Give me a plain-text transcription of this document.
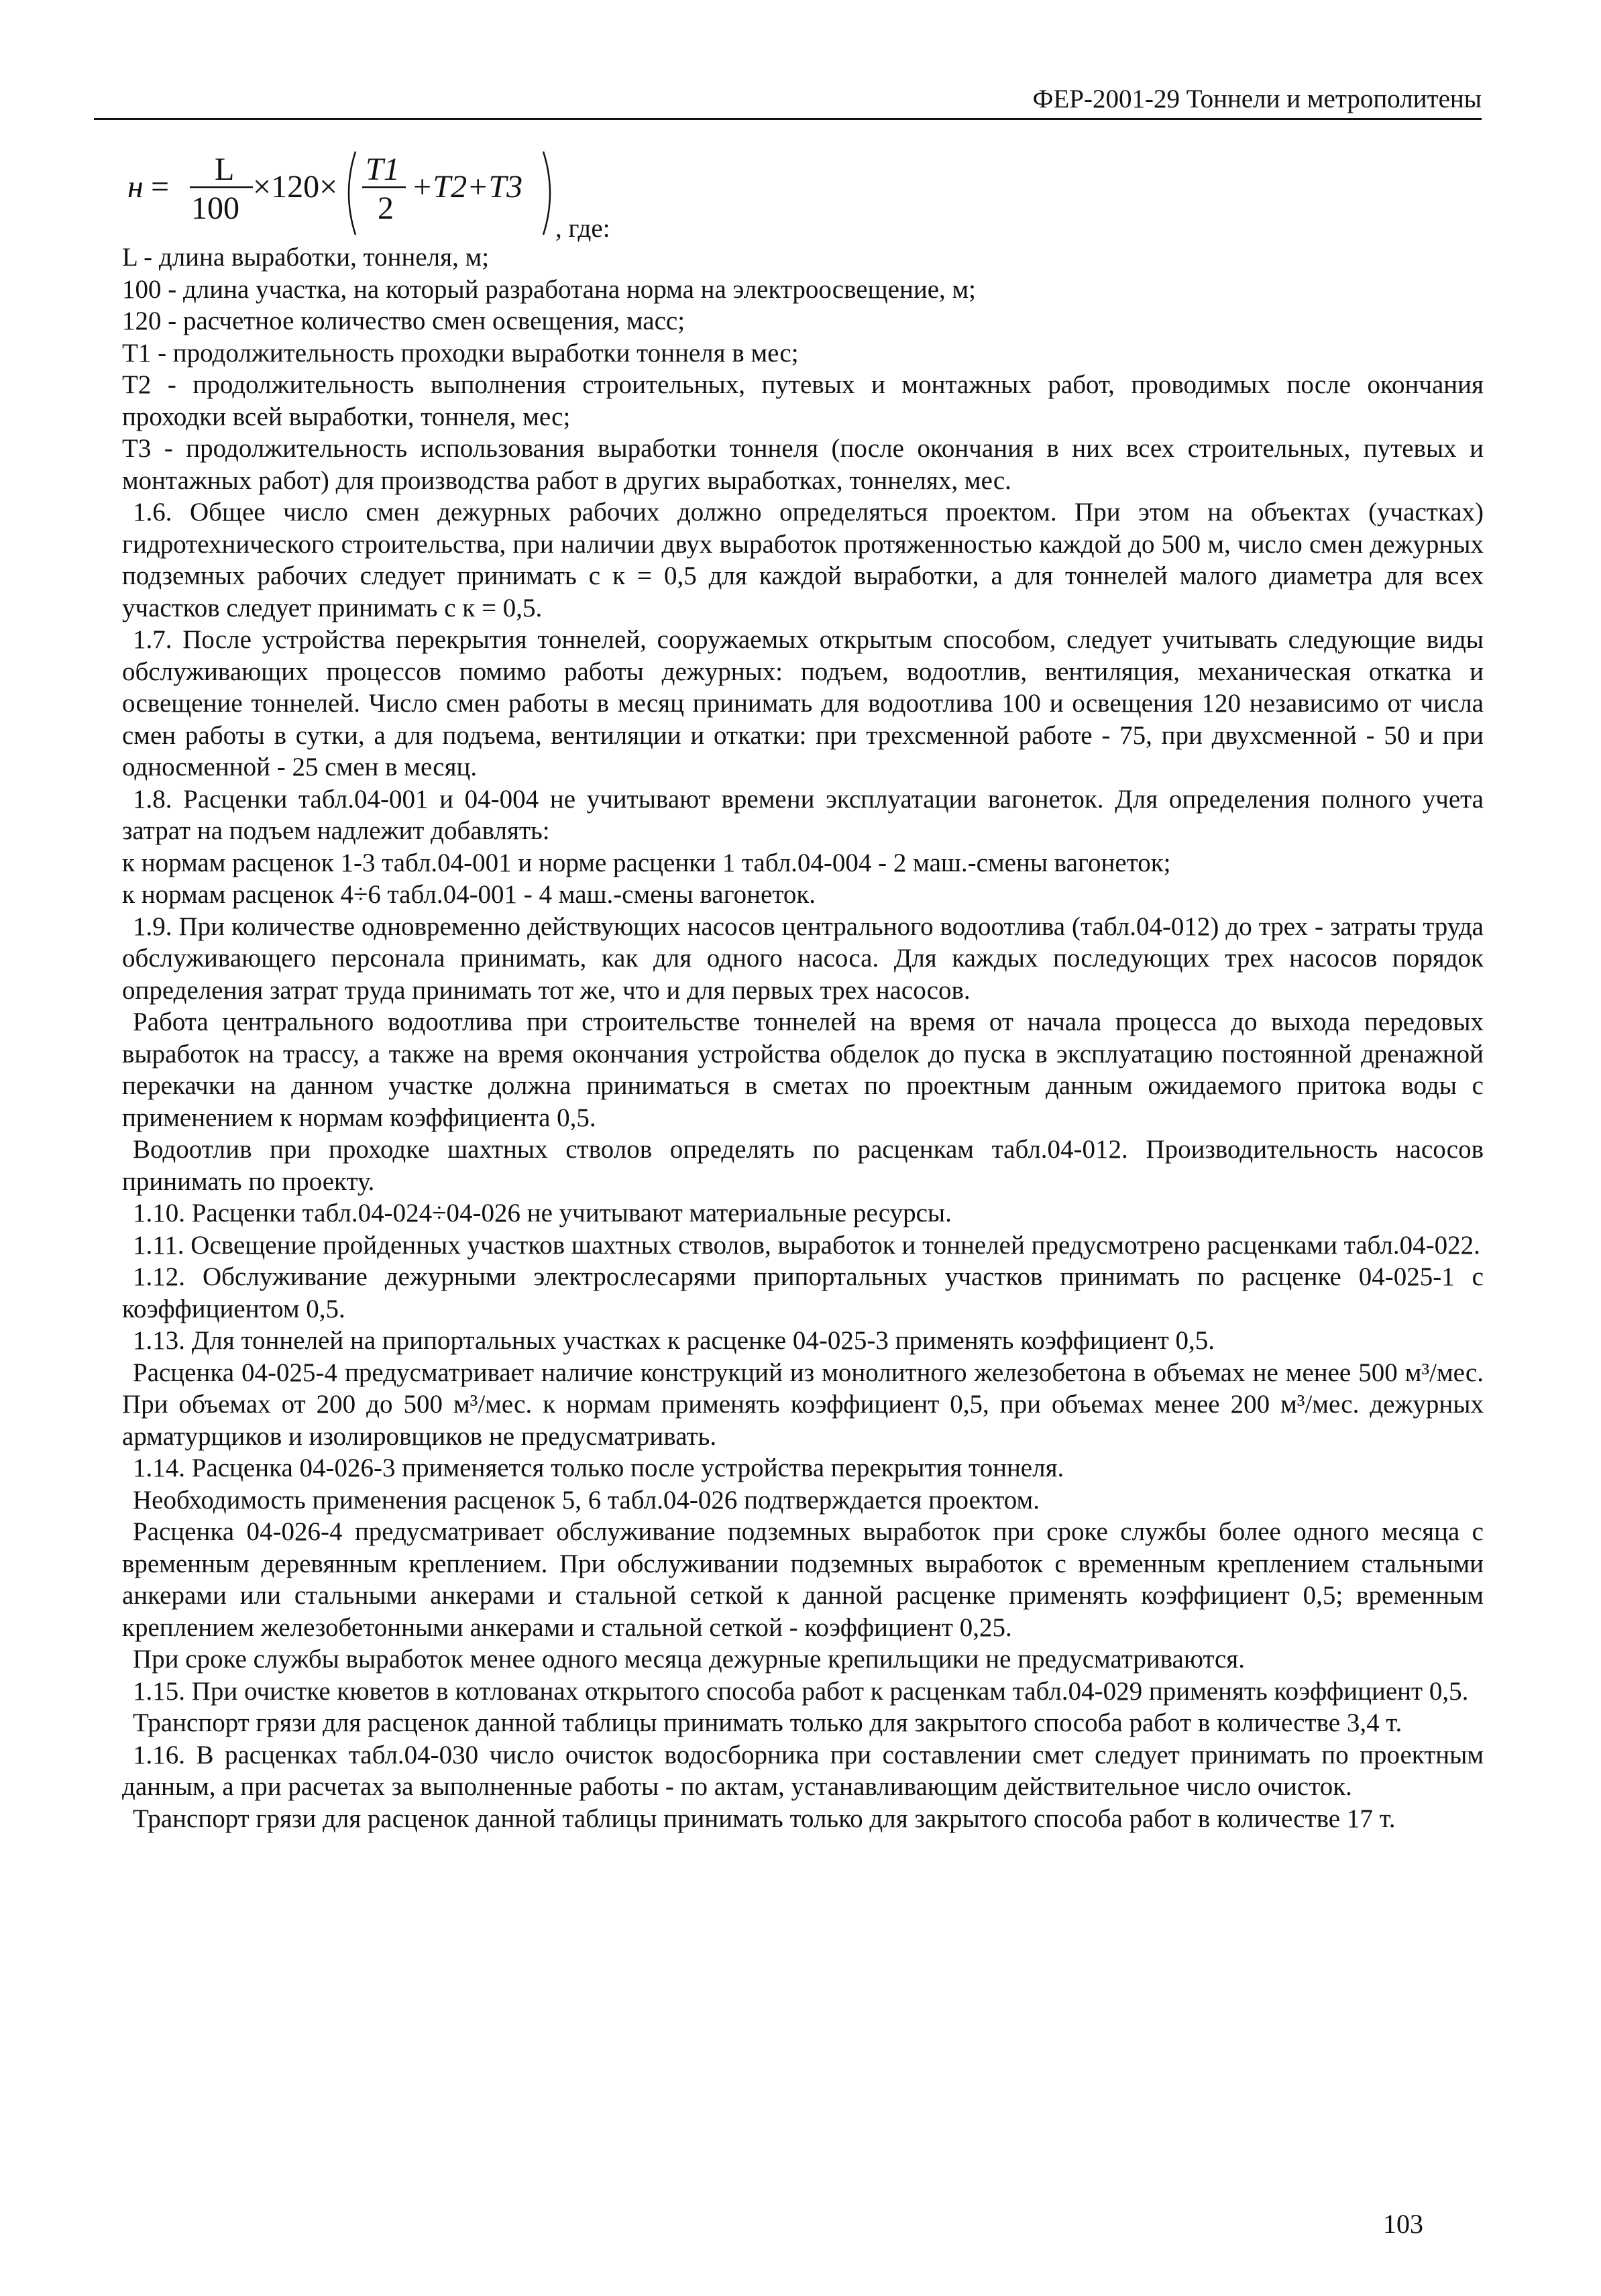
ФЕР-2001-29 Тоннели и метрополитены
н = L
100
×120× T1
2
+T2+T3
, где:

L - длина выработки, тоннеля, м;

100 - длина участка, на который разработана норма на электроосвещение, м;

120 - расчетное количество смен освещения, масс;

Т1 - продолжительность проходки выработки тоннеля в мес;

Т2 - продолжительность выполнения строительных, путевых и монтажных работ, проводимых после окончания проходки всей выработки, тоннеля, мес;

Т3 - продолжительность использования выработки тоннеля (после окончания в них всех строительных, путевых и монтажных работ) для производства работ в других выработках, тоннелях, мес.

1.6. Общее число смен дежурных рабочих должно определяться проектом. При этом на объектах (участках) гидротехнического строительства, при наличии двух выработок протяженностью каждой до 500 м, число смен дежурных подземных рабочих следует принимать с к = 0,5 для каждой выработки, а для тоннелей малого диаметра для всех участков следует принимать с к = 0,5.

1.7. После устройства перекрытия тоннелей, сооружаемых открытым способом, следует учитывать следующие виды обслуживающих процессов помимо работы дежурных: подъем, водоотлив, вентиляция, механическая откатка и освещение тоннелей. Число смен работы в месяц принимать для водоотлива 100 и освещения 120 независимо от числа смен работы в сутки, а для подъема, вентиляции и откатки: при трехсменной работе - 75, при двухсменной - 50 и при односменной - 25 смен в месяц.

1.8. Расценки табл.04-001 и 04-004 не учитывают времени эксплуатации вагонеток. Для определения полного учета затрат на подъем надлежит добавлять:

к нормам расценок 1-3 табл.04-001 и норме расценки 1 табл.04-004 - 2 маш.-смены вагонеток;

к нормам расценок 4÷6 табл.04-001 - 4 маш.-смены вагонеток.

1.9. При количестве одновременно действующих насосов центрального водоотлива (табл.04-012) до трех - затраты труда обслуживающего персонала принимать, как для одного насоса. Для каждых последующих трех насосов порядок определения затрат труда принимать тот же, что и для первых трех насосов.

Работа центрального водоотлива при строительстве тоннелей на время от начала процесса до выхода передовых выработок на трассу, а также на время окончания устройства обделок до пуска в эксплуатацию постоянной дренажной перекачки на данном участке должна приниматься в сметах по проектным данным ожидаемого притока воды с применением к нормам коэффициента 0,5.

Водоотлив при проходке шахтных стволов определять по расценкам табл.04-012. Производительность насосов принимать по проекту.

1.10. Расценки табл.04-024÷04-026 не учитывают материальные ресурсы.

1.11. Освещение пройденных участков шахтных стволов, выработок и тоннелей предусмотрено расценками табл.04-022.

1.12. Обслуживание дежурными электрослесарями припортальных участков принимать по расценке 04-025-1 с коэффициентом 0,5.

1.13. Для тоннелей на припортальных участках к расценке 04-025-3 применять коэффициент 0,5.

Расценка 04-025-4 предусматривает наличие конструкций из монолитного железобетона в объемах не менее 500 м³/мес. При объемах от 200 до 500 м³/мес. к нормам применять коэффициент 0,5, при объемах менее 200 м³/мес. дежурных арматурщиков и изолировщиков не предусматривать.

1.14. Расценка 04-026-3 применяется только после устройства перекрытия тоннеля.

Необходимость применения расценок 5, 6 табл.04-026 подтверждается проектом.

Расценка 04-026-4 предусматривает обслуживание подземных выработок при сроке службы более одного месяца с временным деревянным креплением. При обслуживании подземных выработок с временным креплением стальными анкерами или стальными анкерами и стальной сеткой к данной расценке применять коэффициент 0,5; временным креплением железобетонными анкерами и стальной сеткой - коэффициент 0,25.

При сроке службы выработок менее одного месяца дежурные крепильщики не предусматриваются.

1.15. При очистке кюветов в котлованах открытого способа работ к расценкам табл.04-029 применять коэффициент 0,5.

Транспорт грязи для расценок данной таблицы принимать только для закрытого способа работ в количестве 3,4 т.

1.16. В расценках табл.04-030 число очисток водосборника при составлении смет следует принимать по проектным данным, а при расчетах за выполненные работы - по актам, устанавливающим действительное число очисток.

Транспорт грязи для расценок данной таблицы принимать только для закрытого способа работ в количестве 17 т.

103
